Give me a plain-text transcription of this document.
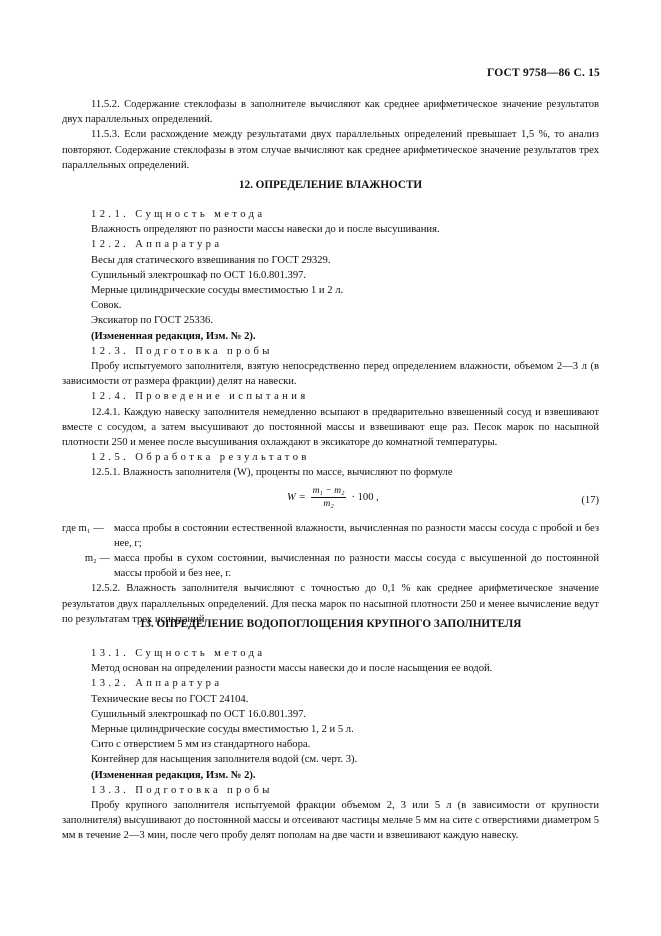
ГОСТ 9758—86 С. 15

11.5.2. Содержание стеклофазы в заполнителе вычисляют как среднее арифметическое значение результатов двух параллельных определений.

11.5.3. Если расхождение между результатами двух параллельных определений превышает 1,5 %, то анализ повторяют. Содержание стеклофазы в этом случае вычисляют как среднее арифметическое значение результатов трех параллельных определений.

12. ОПРЕДЕЛЕНИЕ ВЛАЖНОСТИ

12.1. Сущность метода

Влажность определяют по разности массы навески до и после высушивания.

12.2. Аппаратура

Весы для статического взвешивания по ГОСТ 29329.

Сушильный электрошкаф по ОСТ 16.0.801.397.

Мерные цилиндрические сосуды вместимостью 1 и 2 л.

Совок.

Эксикатор по ГОСТ 25336.

(Измененная редакция, Изм. № 2).

12.3. Подготовка пробы

Пробу испытуемого заполнителя, взятую непосредственно перед определением влажности, объемом 2—3 л (в зависимости от размера фракции) делят на навески.

12.4. Проведение испытания

12.4.1. Каждую навеску заполнителя немедленно всыпают в предварительно взвешенный сосуд и взвешивают вместе с сосудом, а затем высушивают до постоянной массы и взвешивают еще раз. Песок марок по насыпной плотности 250 и менее после высушивания охлаждают в эксикаторе до комнатной температуры.

12.5. Обработка результатов

12.5.1. Влажность заполнителя (W), проценты по массе, вычисляют по формуле

$W = \frac{\text{m₁ − m₂}}{\text{m₂}} \cdot 100$ ,	(17)
где m₁ — масса пробы в состоянии естественной влажности, вычисленная по разности массы сосуда с пробой и без нее, г;
m₂ — масса пробы в сухом состоянии, вычисленная по разности массы сосуда с высушенной до постоянной массы пробой и без нее, г.

12.5.2. Влажность заполнителя вычисляют с точностью до 0,1 % как среднее арифметическое значение результатов двух параллельных определений. Для песка марок по насыпной плотности 250 и менее вычисление ведут по результатам трех испытаний.

13. ОПРЕДЕЛЕНИЕ ВОДОПОГЛОЩЕНИЯ КРУПНОГО ЗАПОЛНИТЕЛЯ

13.1. Сущность метода

Метод основан на определении разности массы навески до и после насыщения ее водой.

13.2. Аппаратура

Технические весы по ГОСТ 24104.

Сушильный электрошкаф по ОСТ 16.0.801.397.

Мерные цилиндрические сосуды вместимостью 1, 2 и 5 л.

Сито с отверстием 5 мм из стандартного набора.

Контейнер для насыщения заполнителя водой (см. черт. 3).

(Измененная редакция, Изм. № 2).

13.3. Подготовка пробы

Пробу крупного заполнителя испытуемой фракции объемом 2, 3 или 5 л (в зависимости от крупности заполнителя) высушивают до постоянной массы и отсеивают частицы мельче 5 мм на сите с отверстиями диаметром 5 мм в течение 2—3 мин, после чего пробу делят пополам на две части и взвешивают каждую навеску.
